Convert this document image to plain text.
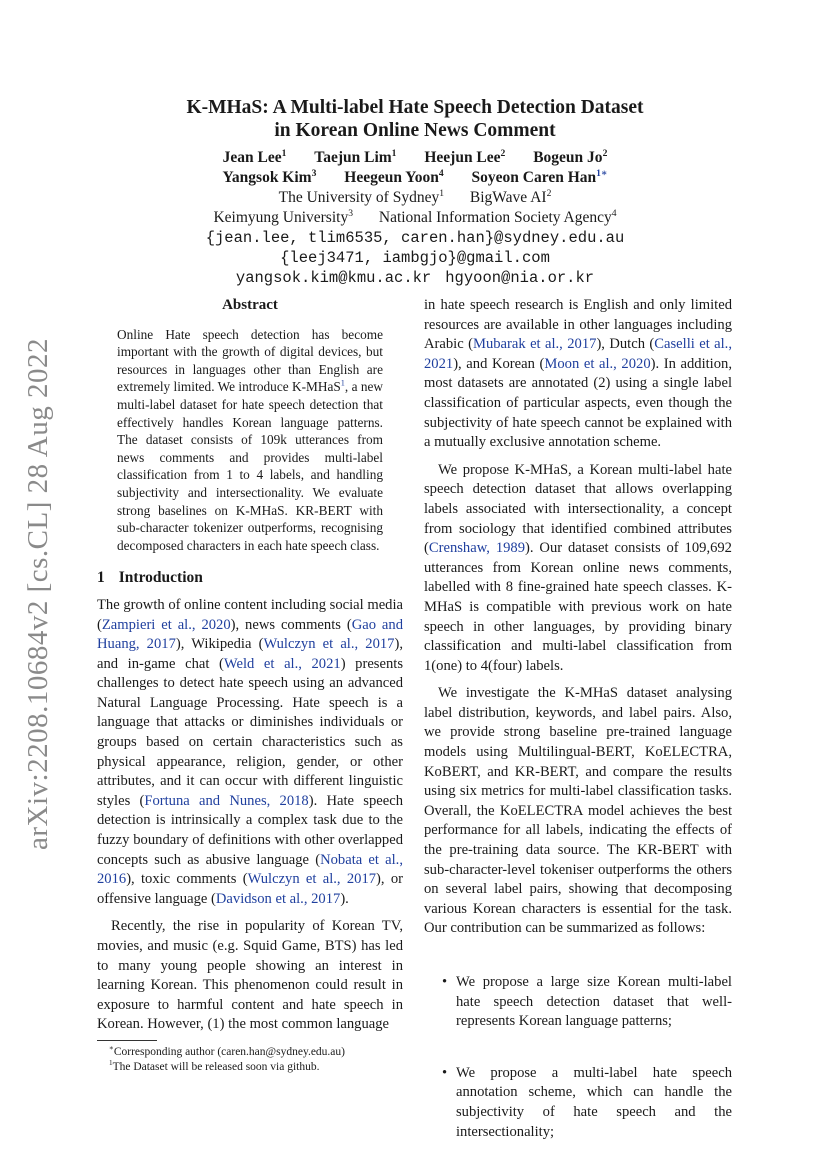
arXiv:2208.10684v2 [cs.CL] 28 Aug 2022
K-MHaS: A Multi-label Hate Speech Detection Dataset
in Korean Online News Comment
Jean Lee$^1$ Taejun Lim$^1$ Heejun Lee$^2$ Bogeun Jo$^2$
Yangsok Kim$^3$ Heegeun Yoon$^4$ Soyeon Caren Han$^{1∗}$
The University of Sydney$^1$ BigWave $AI^2$
Keimyung University$^3$ National Information Society Agency$^4$
{jean.lee, tlim6535, caren.han}@sydney.edu.au
{leej3471, iambgjo}@gmail.com
yangsok.kim@kmu.ac.kr hgyoon@nia.or.kr
Abstract
Online Hate speech detection has become important with the growth of digital devices, but resources in languages other than English are extremely limited. We introduce K-MHaS$^1$, a new multi-label dataset for hate speech detection that effectively handles Korean language patterns. The dataset consists of 109k utterances from news comments and provides multi-label classification from 1 to 4 labels, and handling subjectivity and intersectionality. We evaluate strong baselines on K-MHaS. KR-BERT with sub-character tokenizer outperforms, recognising decomposed characters in each hate speech class.
1 Introduction

The growth of online content including social media (Zampieri et al., 2020), news comments (Gao and Huang, 2017), Wikipedia (Wulczyn et al., 2017), and in-game chat (Weld et al., 2021) presents challenges to detect hate speech using an advanced Natural Language Processing. Hate speech is a language that attacks or diminishes individuals or groups based on certain characteristics such as physical appearance, religion, gender, or other attributes, and it can occur with different linguistic styles (Fortuna and Nunes, 2018). Hate speech detection is intrinsically a complex task due to the fuzzy boundary of definitions with other overlapped concepts such as abusive language (Nobata et al., 2016), toxic comments (Wulczyn et al., 2017), or offensive language (Davidson et al., 2017).

Recently, the rise in popularity of Korean TV, movies, and music (e.g. Squid Game, BTS) has led to many young people showing an interest in learning Korean. This phenomenon could result in exposure to harmful content and hate speech in Korean. However, (1) the most common language

∗Corresponding author (caren.han@sydney.edu.au)
$^1$The Dataset will be released soon via github.

in hate speech research is English and only limited resources are available in other languages including Arabic (Mubarak et al., 2017), Dutch (Caselli et al., 2021), and Korean (Moon et al., 2020). In addition, most datasets are annotated (2) using a single label classification of particular aspects, even though the subjectivity of hate speech cannot be explained with a mutually exclusive annotation scheme.

We propose K-MHaS, a Korean multi-label hate speech detection dataset that allows overlapping labels associated with intersectionality, a concept from sociology that identified combined attributes (Crenshaw, 1989). Our dataset consists of 109,692 utterances from Korean online news comments, labelled with 8 fine-grained hate speech classes. K-MHaS is compatible with previous work on hate speech in other languages, by providing binary classification and multi-label classification from 1(one) to 4(four) labels.

We investigate the K-MHaS dataset analysing label distribution, keywords, and label pairs. Also, we provide strong baseline pre-trained language models using Multilingual-BERT, KoELECTRA, KoBERT, and KR-BERT, and compare the results using six metrics for multi-label classification tasks. Overall, the KoELECTRA model achieves the best performance for all labels, indicating the effects of the pre-training data source. The KR-BERT with sub-character-level tokeniser outperforms the others on several label pairs, showing that decomposing various Korean characters is essential for the task. Our contribution can be summarized as follows:

• We propose a large size Korean multi-label hate speech detection dataset that well-represents Korean language patterns;
• We propose a multi-label hate speech annotation scheme, which can handle the subjectivity of hate speech and the intersectionality;
